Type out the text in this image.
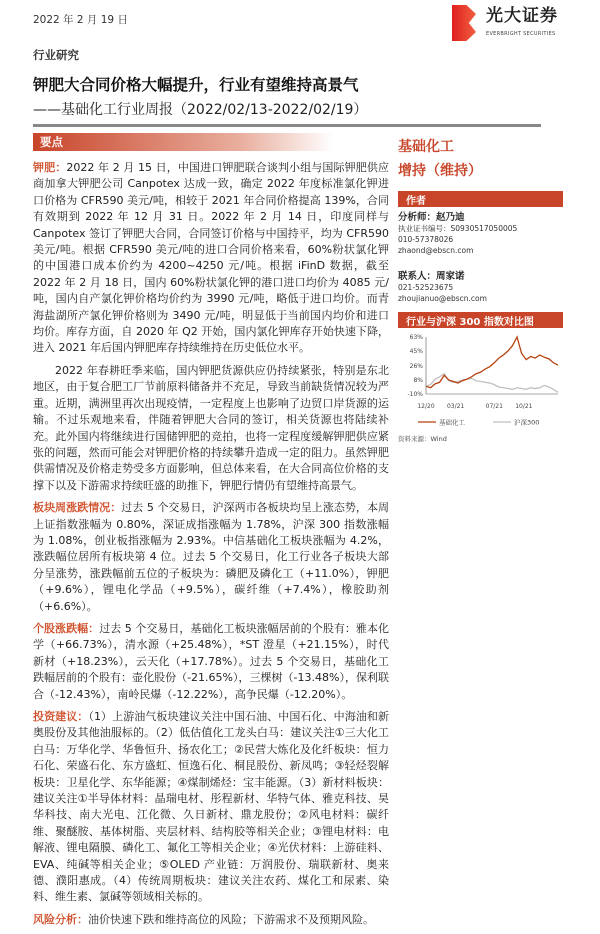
2022 年 2 月 19 日	光大证券
EVERBRIGHT SECURITIES
行业研究
钾肥大合同价格大幅提升，行业有望维持高景气
——基础化工行业周报（2022/02/13-2022/02/19）
要点

钾肥：2022 年 2 月 15 日，中国进口钾肥联合谈判小组与国际钾肥供应商加拿大钾肥公司 Canpotex 达成一致，确定 2022 年度标准氯化钾进口价格为 CFR590 美元/吨，相较于 2021 年合同价格提高 139%，合同有效期到 2022 年 12 月 31 日。2022 年 2 月 14 日，印度同样与 Canpotex 签订了钾肥大合同，合同签订价格与中国持平，均为 CFR590 美元/吨。根据 CFR590 美元/吨的进口合同价格来看，60%粉状氯化钾的中国港口成本价约为 4200~4250 元/吨。根据 iFinD 数据，截至 2022 年 2 月 18 日，国内 60%粉状氯化钾的港口进口均价为 4085 元/吨，国内自产氯化钾价格均价约为 3990 元/吨，略低于进口均价。而青海盐湖所产氯化钾价格则为 3490 元/吨，明显低于当前国内均价和进口均价。库存方面，自 2020 年 Q2 开始，国内氯化钾库存开始快速下降，进入 2021 年后国内钾肥库存持续维持在历史低位水平。

2022 年春耕旺季来临，国内钾肥货源供应仍持续紧张，特别是东北地区，由于复合肥工厂节前原料储备并不充足，导致当前缺货情况较为严重。近期，满洲里再次出现疫情，一定程度上也影响了边贸口岸货源的运输。不过乐观地来看，伴随着钾肥大合同的签订，相关货源也将陆续补充。此外国内将继续进行国储钾肥的竞拍，也将一定程度缓解钾肥供应紧张的问题，然而可能会对钾肥价格的持续攀升造成一定的阻力。虽然钾肥供需情况及价格走势受多方面影响，但总体来看，在大合同高位价格的支撑下以及下游需求持续旺盛的助推下，钾肥行情仍有望维持高景气。

板块周涨跌情况：过去 5 个交易日，沪深两市各板块均呈上涨态势，本周上证指数涨幅为 0.80%，深证成指涨幅为 1.78%，沪深 300 指数涨幅为 1.08%，创业板指涨幅为 2.93%。中信基础化工板块涨幅为 4.2%，涨跌幅位居所有板块第 4 位。过去 5 个交易日，化工行业各子板块大部分呈涨势，涨跌幅前五位的子板块为：磷肥及磷化工（+11.0%），钾肥（+9.6%），锂电化学品（+9.5%），碳纤维（+7.4%），橡胶助剂（+6.6%）。

个股涨跌幅：过去 5 个交易日，基础化工板块涨幅居前的个股有：雅本化学（+66.73%），清水源（+25.48%），*ST 澄星（+21.15%），时代新材（+18.23%），云天化（+17.78%）。过去 5 个交易日，基础化工跌幅居前的个股有：壶化股份（-21.65%），三棵树（-13.48%），保利联合（-12.43%），南岭民爆（-12.22%），高争民爆（-12.20%）。

投资建议：（1）上游油气板块建议关注中国石油、中国石化、中海油和新奥股份及其他油服标的。（2）低估值化工龙头白马：建议关注①三大化工白马：万华化学、华鲁恒升、扬农化工；②民营大炼化及化纤板块：恒力石化、荣盛石化、东方盛虹、恒逸石化、桐昆股份、新凤鸣；③轻烃裂解板块：卫星化学、东华能源；④煤制烯烃：宝丰能源。（3）新材料板块：建议关注①半导体材料：晶瑞电材、彤程新材、华特气体、雅克科技、昊华科技、南大光电、江化微、久日新材、鼎龙股份；②风电材料：碳纤维、聚醚胺、基体树脂、夹层材料、结构胶等相关企业；③锂电材料：电解液、锂电隔膜、磷化工、氟化工等相关企业；④光伏材料：上游硅料、EVA、纯碱等相关企业；⑤OLED 产业链：万润股份、瑞联新材、奥来德、濮阳惠成。（4）传统周期板块：建议关注农药、煤化工和尿素、染料、维生素、氯碱等领域相关标的。

风险分析：油价快速下跌和维持高位的风险；下游需求不及预期风险。

基础化工
增持（维持）
作者
分析师：赵乃迪
执业证书编号：S0930517050005
010-57378026
zhaond@ebscn.com
联系人：周家诺
021-52523675
zhoujianuo@ebscn.com
行业与沪深 300 指数对比图
63%
45%
26%
8%
-10%
12/20 03/21	07/21 10/21
基础化工	沪深300
资料来源：Wind
